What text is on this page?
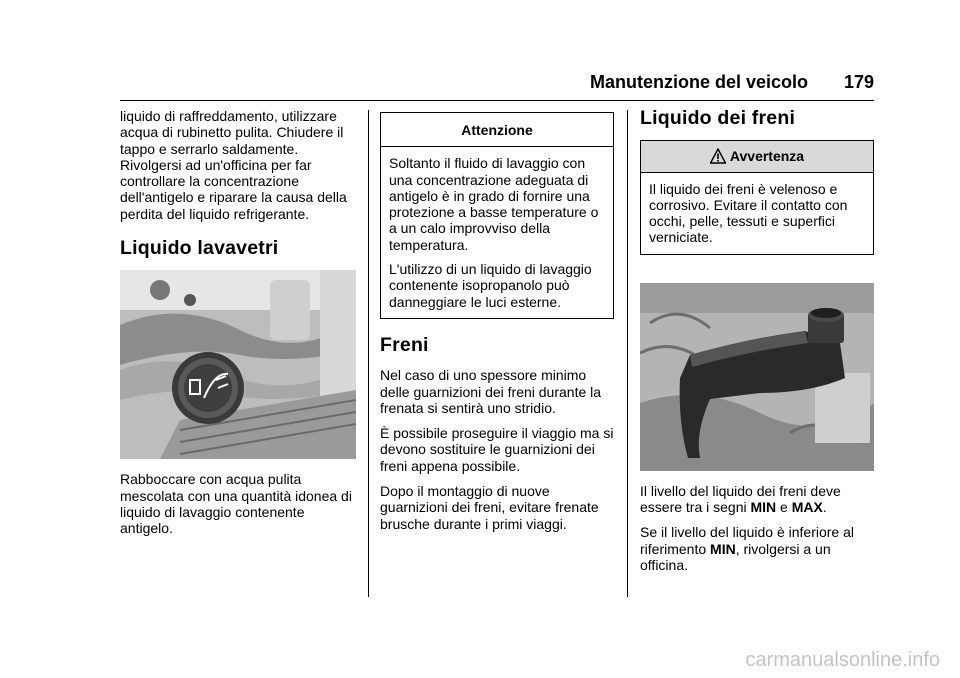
Manutenzione del veicolo 179

liquido di raffreddamento, utilizzare acqua di rubinetto pulita. Chiudere il tappo e serrarlo saldamente. Rivolgersi ad un'officina per far controllare la concentrazione dell'antigelo e riparare la causa della perdita del liquido refrigerante.

Liquido lavavetri

Rabboccare con acqua pulita mescolata con una quantità idonea di liquido di lavaggio contenente antigelo.

Attenzione

Soltanto il fluido di lavaggio con una concentrazione adeguata di antigelo è in grado di fornire una protezione a basse temperature o a un calo improvviso della temperatura.

L'utilizzo di un liquido di lavaggio contenente isopropanolo può danneggiare le luci esterne.

Freni

Nel caso di uno spessore minimo delle guarnizioni dei freni durante la frenata si sentirà uno stridio.

È possibile proseguire il viaggio ma si devono sostituire le guarnizioni dei freni appena possibile.

Dopo il montaggio di nuove guarnizioni dei freni, evitare frenate brusche durante i primi viaggi.

Liquido dei freni
Avvertenza

Il liquido dei freni è velenoso e corrosivo. Evitare il contatto con occhi, pelle, tessuti e superfici verniciate.

Il livello del liquido dei freni deve essere tra i segni MIN e MAX.

Se il livello del liquido è inferiore al riferimento MIN, rivolgersi a un officina.

carmanualsonline.info
